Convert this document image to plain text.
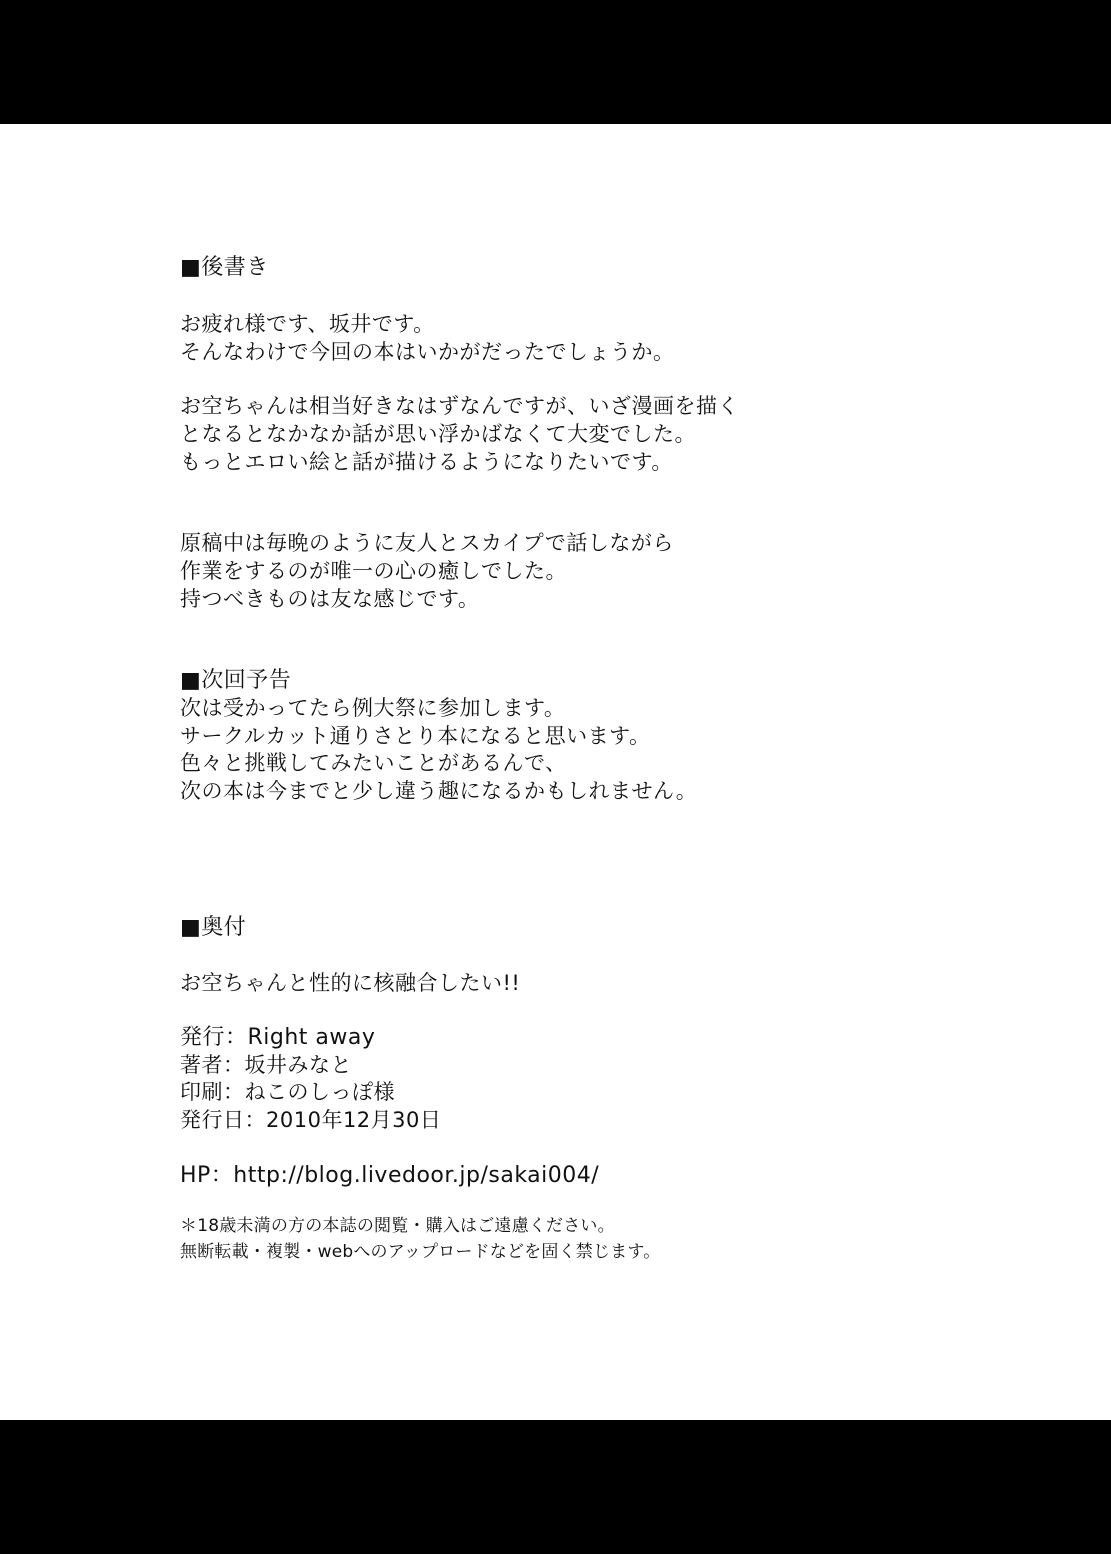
■後書き
お疲れ様です、坂井です。
そんなわけで今回の本はいかがだったでしょうか。
お空ちゃんは相当好きなはずなんですが、いざ漫画を描く
となるとなかなか話が思い浮かばなくて大変でした。
もっとエロい絵と話が描けるようになりたいです。
原稿中は毎晩のように友人とスカイプで話しながら
作業をするのが唯一の心の癒しでした。
持つべきものは友な感じです。
■次回予告
次は受かってたら例大祭に参加します。
サークルカット通りさとり本になると思います。
色々と挑戦してみたいことがあるんで、
次の本は今までと少し違う趣になるかもしれません。
■奥付
お空ちゃんと性的に核融合したい!!
発行：Right away
著者：坂井みなと
印刷：ねこのしっぽ様
発行日：2010年12月30日
HP：http://blog.livedoor.jp/sakai004/
＊18歳未満の方の本誌の閲覧・購入はご遠慮ください。
無断転載・複製・webへのアップロードなどを固く禁じます。
